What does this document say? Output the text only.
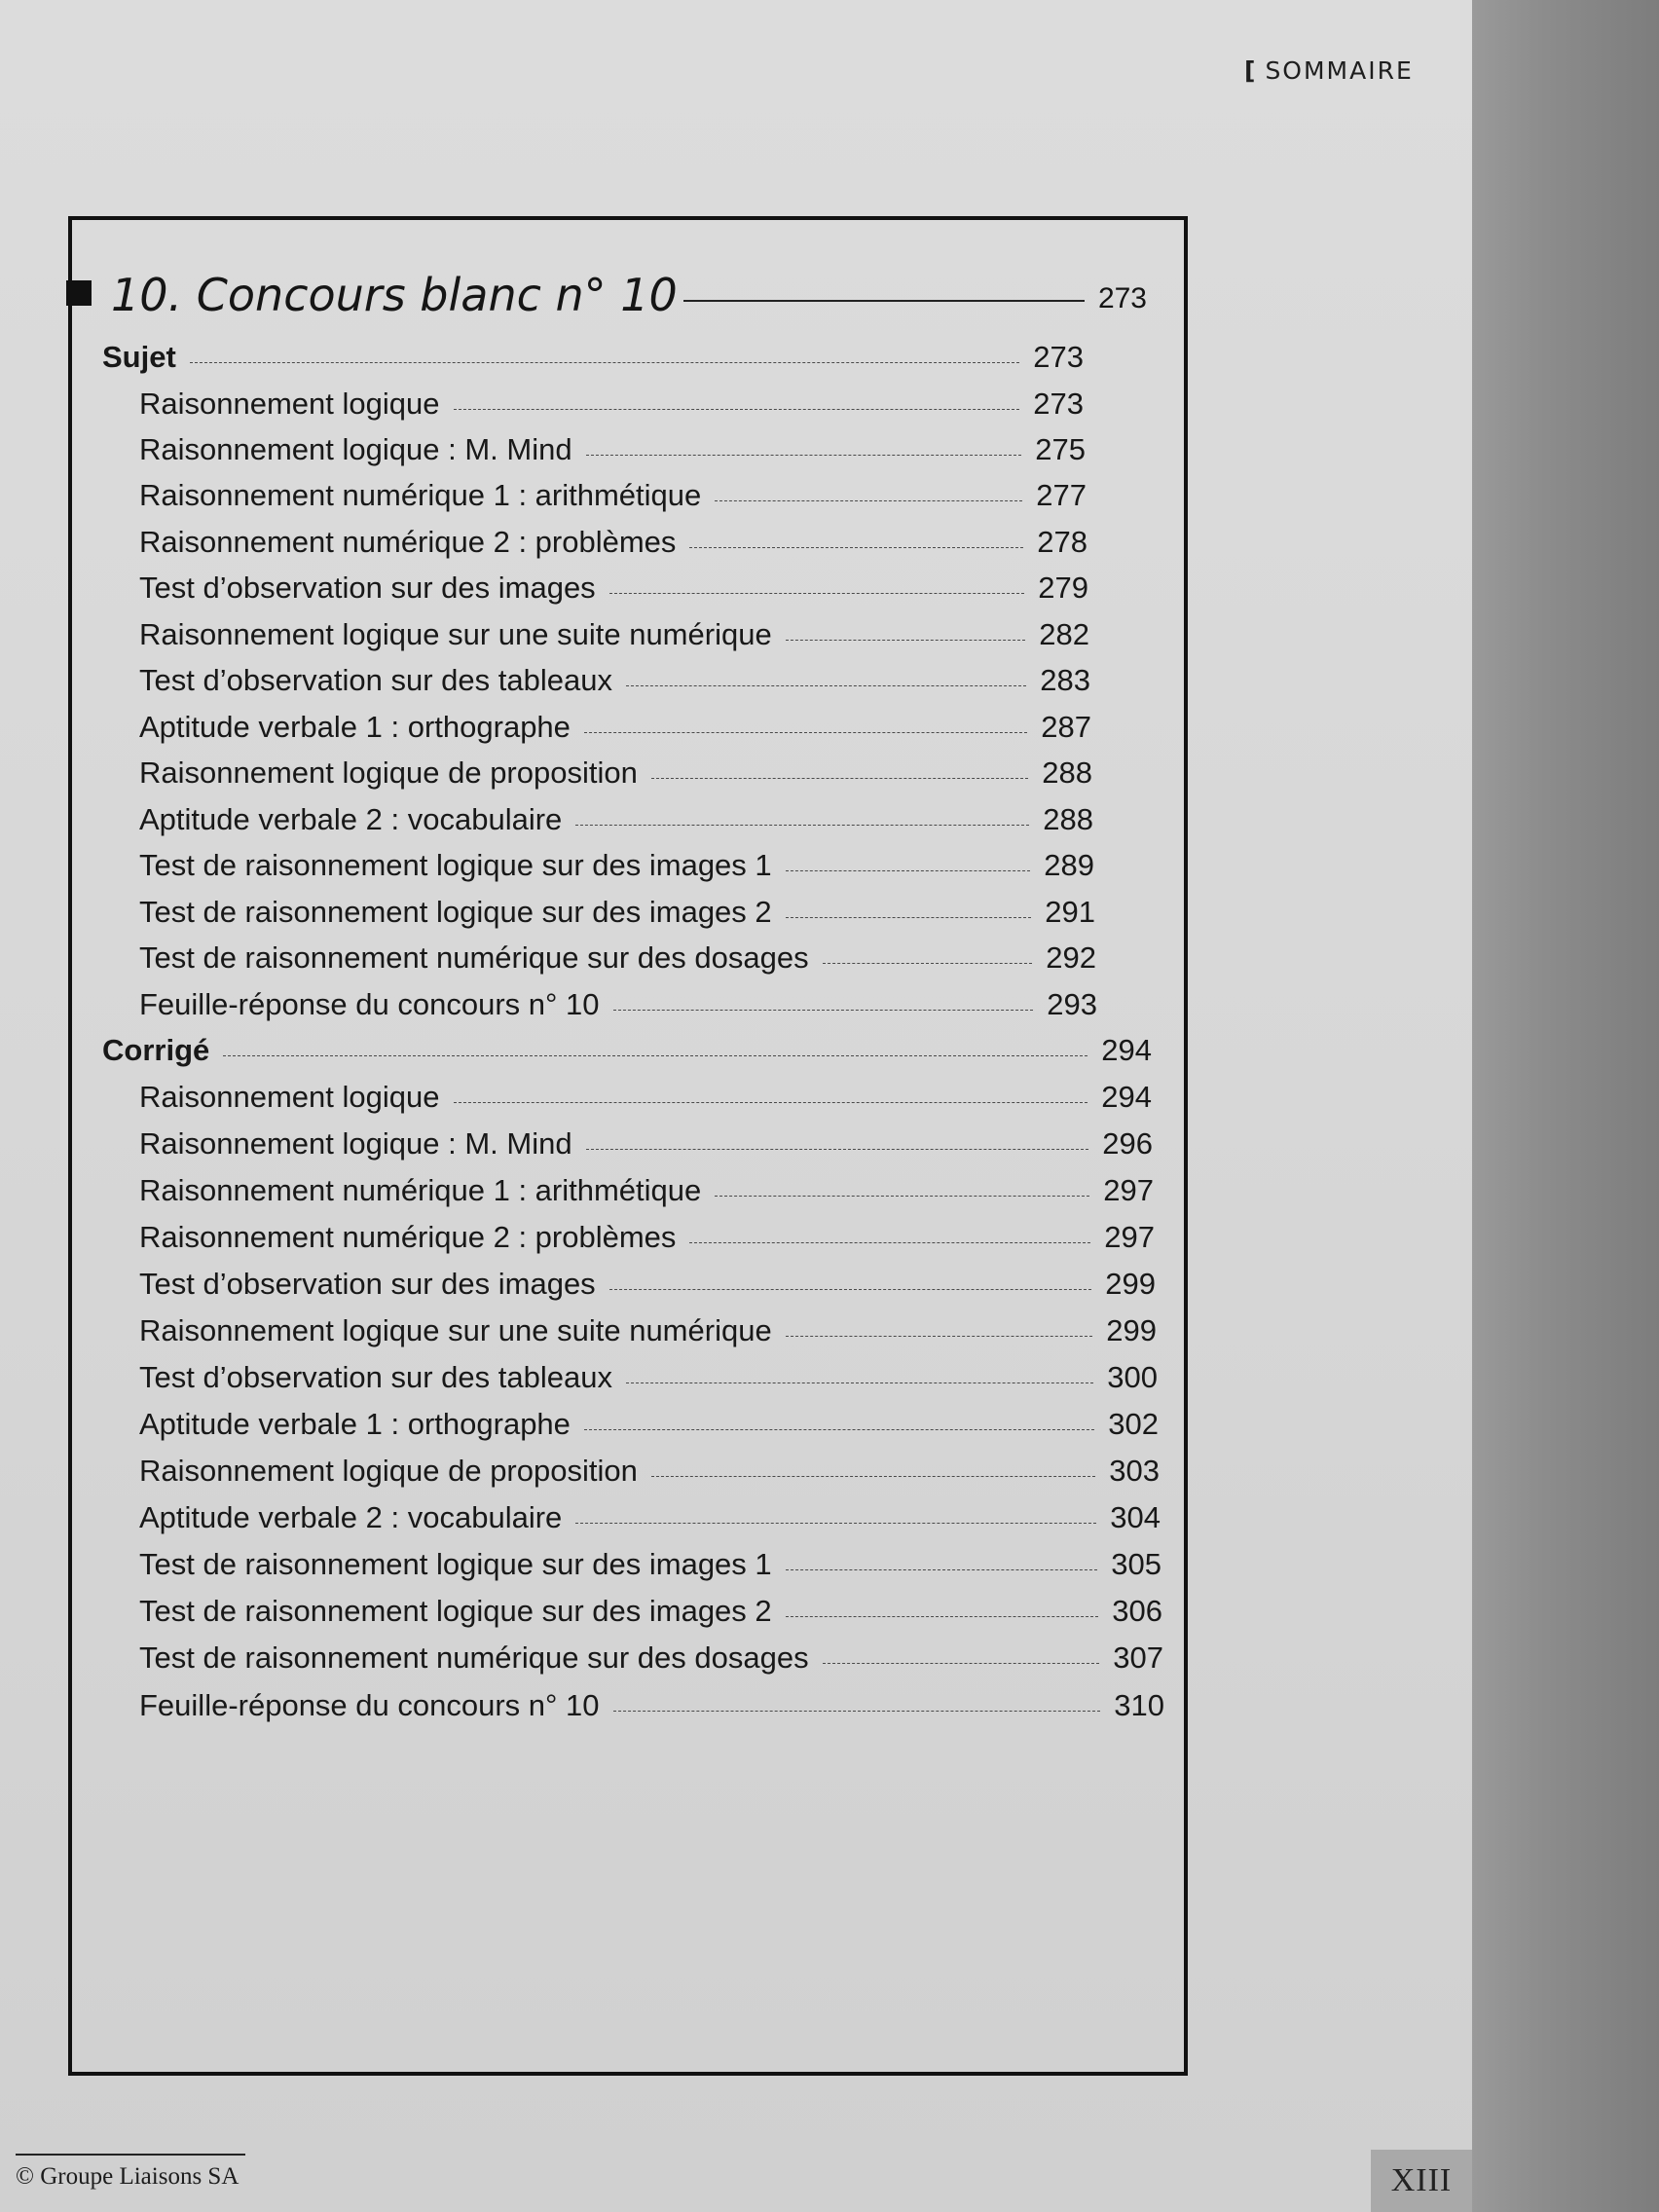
[ SOMMAIRE
10. Concours blanc n° 10	273
Sujet	273
Raisonnement logique	273
Raisonnement logique : M. Mind	275
Raisonnement numérique 1 : arithmétique	277
Raisonnement numérique 2 : problèmes	278
Test d’observation sur des images	279
Raisonnement logique sur une suite numérique	282
Test d’observation sur des tableaux	283
Aptitude verbale 1 : orthographe	287
Raisonnement logique de proposition	288
Aptitude verbale 2 : vocabulaire	288
Test de raisonnement logique sur des images 1	289
Test de raisonnement logique sur des images 2	291
Test de raisonnement numérique sur des dosages	292
Feuille-réponse du concours n° 10	293
Corrigé	294
Raisonnement logique	294
Raisonnement logique : M. Mind	296
Raisonnement numérique 1 : arithmétique	297
Raisonnement numérique 2 : problèmes	297
Test d’observation sur des images	299
Raisonnement logique sur une suite numérique	299
Test d’observation sur des tableaux	300
Aptitude verbale 1 : orthographe	302
Raisonnement logique de proposition	303
Aptitude verbale 2 : vocabulaire	304
Test de raisonnement logique sur des images 1	305
Test de raisonnement logique sur des images 2	306
Test de raisonnement numérique sur des dosages	307
Feuille-réponse du concours n° 10	310
© Groupe Liaisons SA	XIII
